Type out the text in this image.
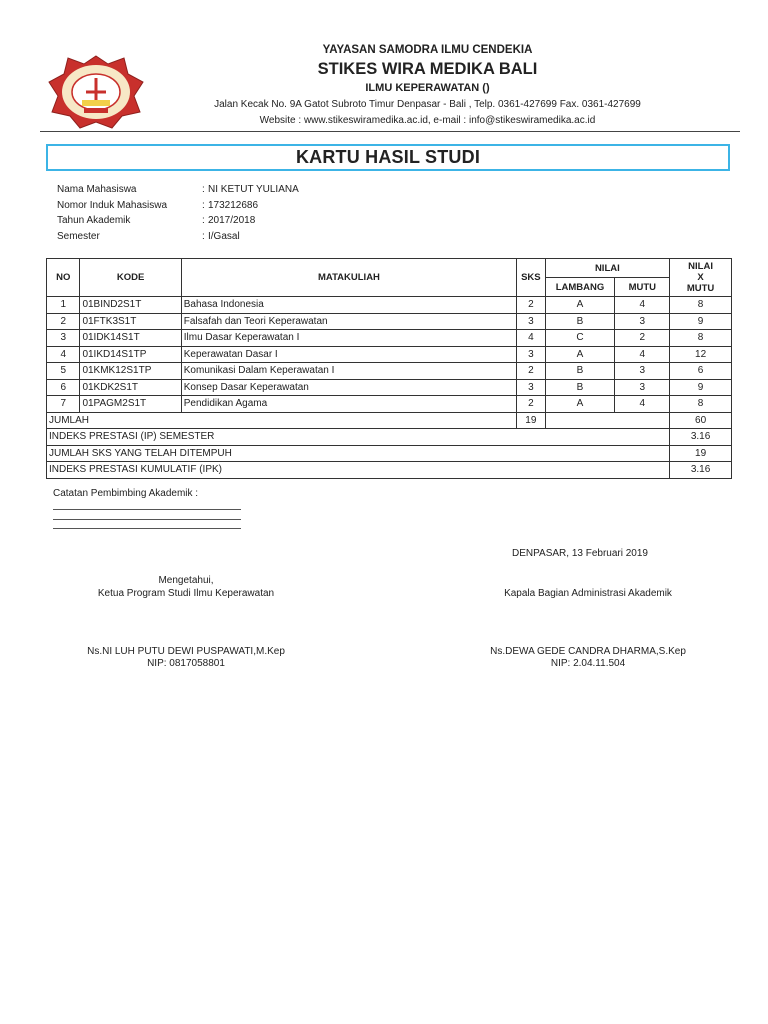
YAYASAN SAMODRA ILMU CENDEKIA
STIKES WIRA MEDIKA BALI
ILMU KEPERAWATAN ()
Jalan Kecak No. 9A Gatot Subroto Timur Denpasar - Bali , Telp. 0361-427699 Fax. 0361-427699
Website : www.stikeswiramedika.ac.id, e-mail : info@stikeswiramedika.ac.id
KARTU HASIL STUDI
Nama Mahasiswa	: NI KETUT YULIANA
Nomor Induk Mahasiswa	: 173212686
Tahun Akademik	: 2017/2018
Semester	: I/Gasal
NO	KODE	MATAKULIAH	SKS	NILAI		NILAI
X
MUTU

				LAMBANG	MUTU	
1	01BIND2S1T	Bahasa Indonesia	2	A	4	8
2	01FTK3S1T	Falsafah dan Teori Keperawatan	3	B	3	9
3	01IDK14S1T	Ilmu Dasar Keperawatan I	4	C	2	8
4	01IKD14S1TP	Keperawatan Dasar I	3	A	4	12
5	01KMK12S1TP	Komunikasi Dalam Keperawatan I	2	B	3	6
6	01KDK2S1T	Konsep Dasar Keperawatan	3	B	3	9
7	01PAGM2S1T	Pendidikan Agama	2	A	4	8
JUMLAH			19			60
INDEKS PRESTASI (IP) SEMESTER						3.16
JUMLAH SKS YANG TELAH DITEMPUH						19
INDEKS PRESTASI KUMULATIF (IPK)						3.16
Catatan Pembimbing Akademik :
DENPASAR, 13 Februari 2019
Mengetahui,
Ketua Program Studi Ilmu Keperawatan
Ns.NI LUH PUTU DEWI PUSPAWATI,M.Kep
NIP: 0817058801
Kapala Bagian Administrasi Akademik
Ns.DEWA GEDE CANDRA DHARMA,S.Kep
NIP: 2.04.11.504
